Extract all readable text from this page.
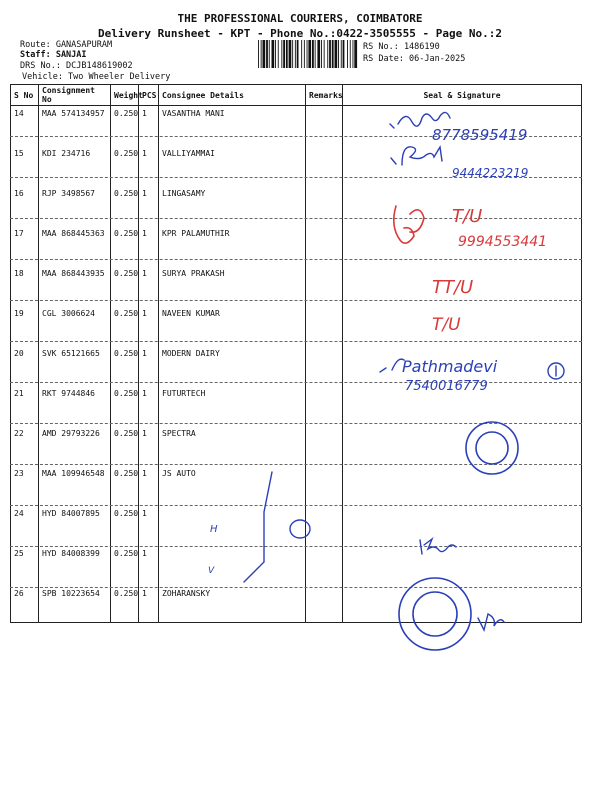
THE PROFESSIONAL COURIERS, COIMBATORE
Delivery Runsheet - KPT - Phone No.:0422-3505555 - Page No.:2
Route: GANASAPURAM
Staff: SANJAI
DRS No.: DCJB148619002
Vehicle: Two Wheeler Delivery
RS No.: 1486190
RS Date: 06-Jan-2025
S No	Consignment No	Weight	PCS	Consignee Details	Remarks	Seal & Signature
14	MAA 574134957	0.250	1	VASANTHA MANI		
15	KDI 234716	0.250	1	VALLIYAMMAI		
16	RJP 3498567	0.250	1	LINGASAMY		
17	MAA 868445363	0.250	1	KPR PALAMUTHIR		
18	MAA 868443935	0.250	1	SURYA PRAKASH		
19	CGL 3006624	0.250	1	NAVEEN KUMAR		
20	SVK 65121665	0.250	1	MODERN DAIRY		
21	RKT 9744846	0.250	1	FUTURTECH		
22	AMD 29793226	0.250	1	SPECTRA		
23	MAA 109946548	0.250	1	JS AUTO		
24	HYD 84007895	0.250	1			
25	HYD 84008399	0.250	1			
26	SPB 10223654	0.250	1	ZOHARANSKY		
8778595419
9444223219
Pathmadevi
7540016779
H
V
T/U
9994553441
TT/U
T/U
